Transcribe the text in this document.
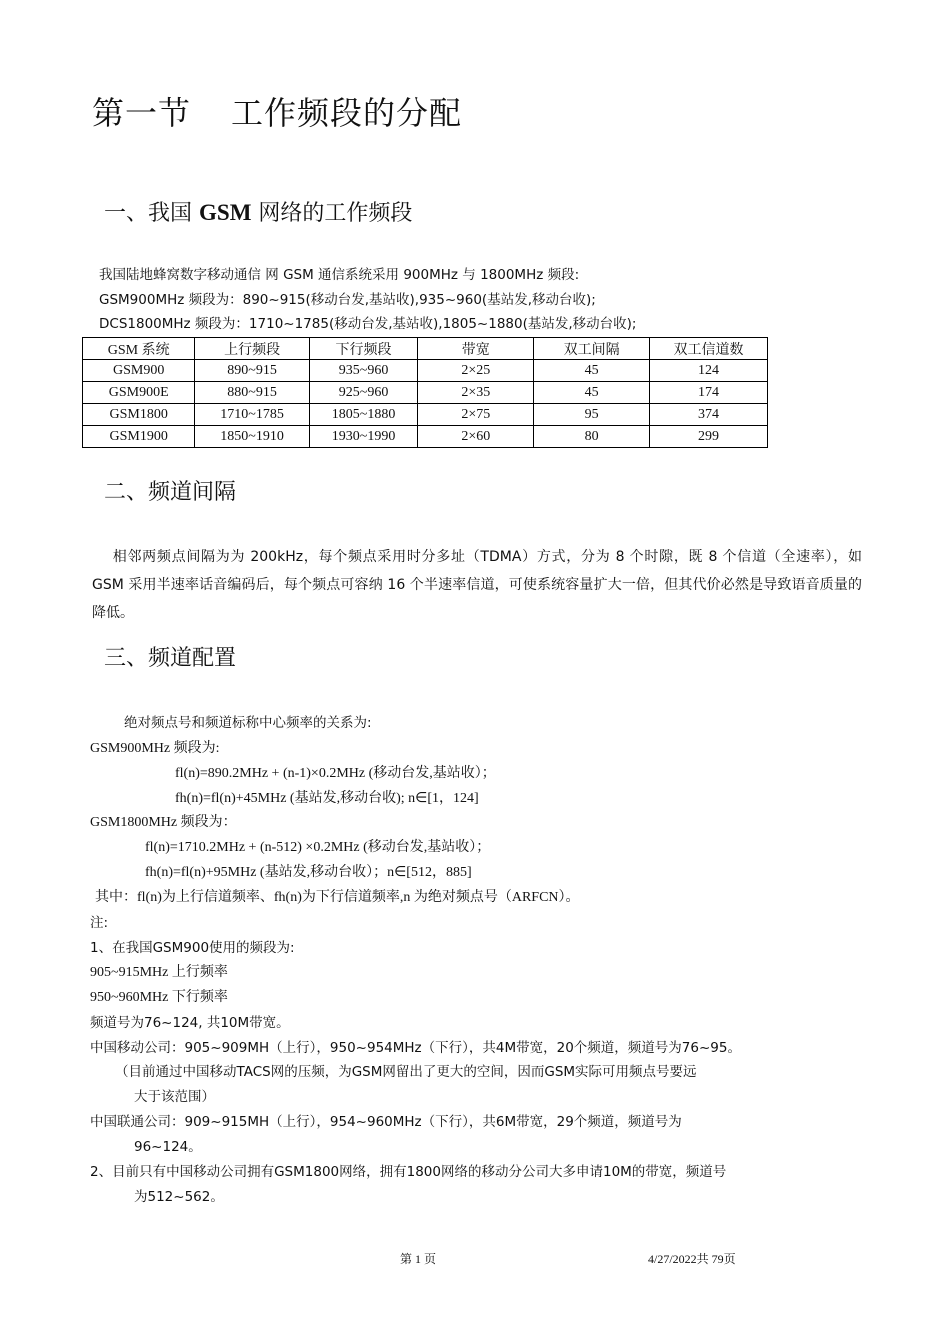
第一节 工作频段的分配
一、我国 GSM 网络的工作频段
我国陆地蜂窝数字移动通信 网 GSM 通信系统采用 900MHz 与 1800MHz 频段:
GSM900MHz 频段为：890~915(移动台发,基站收),935~960(基站发,移动台收);
DCS1800MHz 频段为：1710~1785(移动台发,基站收),1805~1880(基站发,移动台收);
GSM 系统	上行频段	下行频段	带宽	双工间隔	双工信道数
GSM900	890~915	935~960	2×25	45	124
GSM900E	880~915	925~960	2×35	45	174
GSM1800	1710~1785	1805~1880	2×75	95	374
GSM1900	1850~1910	1930~1990	2×60	80	299
二、频道间隔
相邻两频点间隔为为 200kHz，每个频点采用时分多址（TDMA）方式，分为 8 个时隙，既 8 个信道（全速率），如 GSM 采用半速率话音编码后，每个频点可容纳 16 个半速率信道，可使系统容量扩大一倍，但其代价必然是导致语音质量的降低。
三、频道配置
绝对频点号和频道标称中心频率的关系为:
GSM900MHz 频段为:
fl(n)=890.2MHz + (n-1)×0.2MHz (移动台发,基站收）；
fh(n)=fl(n)+45MHz (基站发,移动台收); n∈[1，124]
GSM1800MHz 频段为：
fl(n)=1710.2MHz + (n-512) ×0.2MHz (移动台发,基站收）；
fh(n)=fl(n)+95MHz (基站发,移动台收）；n∈[512，885]
其中：fl(n)为上行信道频率、fh(n)为下行信道频率,n 为绝对频点号（ARFCN）。
注:
1、在我国GSM900使用的频段为:
905~915MHz 上行频率
950~960MHz 下行频率
频道号为76~124, 共10M带宽。
中国移动公司：905~909MH（上行），950~954MHz（下行），共4M带宽，20个频道，频道号为76~95。
（目前通过中国移动TACS网的压频，为GSM网留出了更大的空间，因而GSM实际可用频点号要远
大于该范围）
中国联通公司：909~915MH（上行），954~960MHz（下行），共6M带宽，29个频道，频道号为
96~124。
2、目前只有中国移动公司拥有GSM1800网络，拥有1800网络的移动分公司大多申请10M的带宽，频道号
为512~562。
第 1 页	4/27/2022共 79页
